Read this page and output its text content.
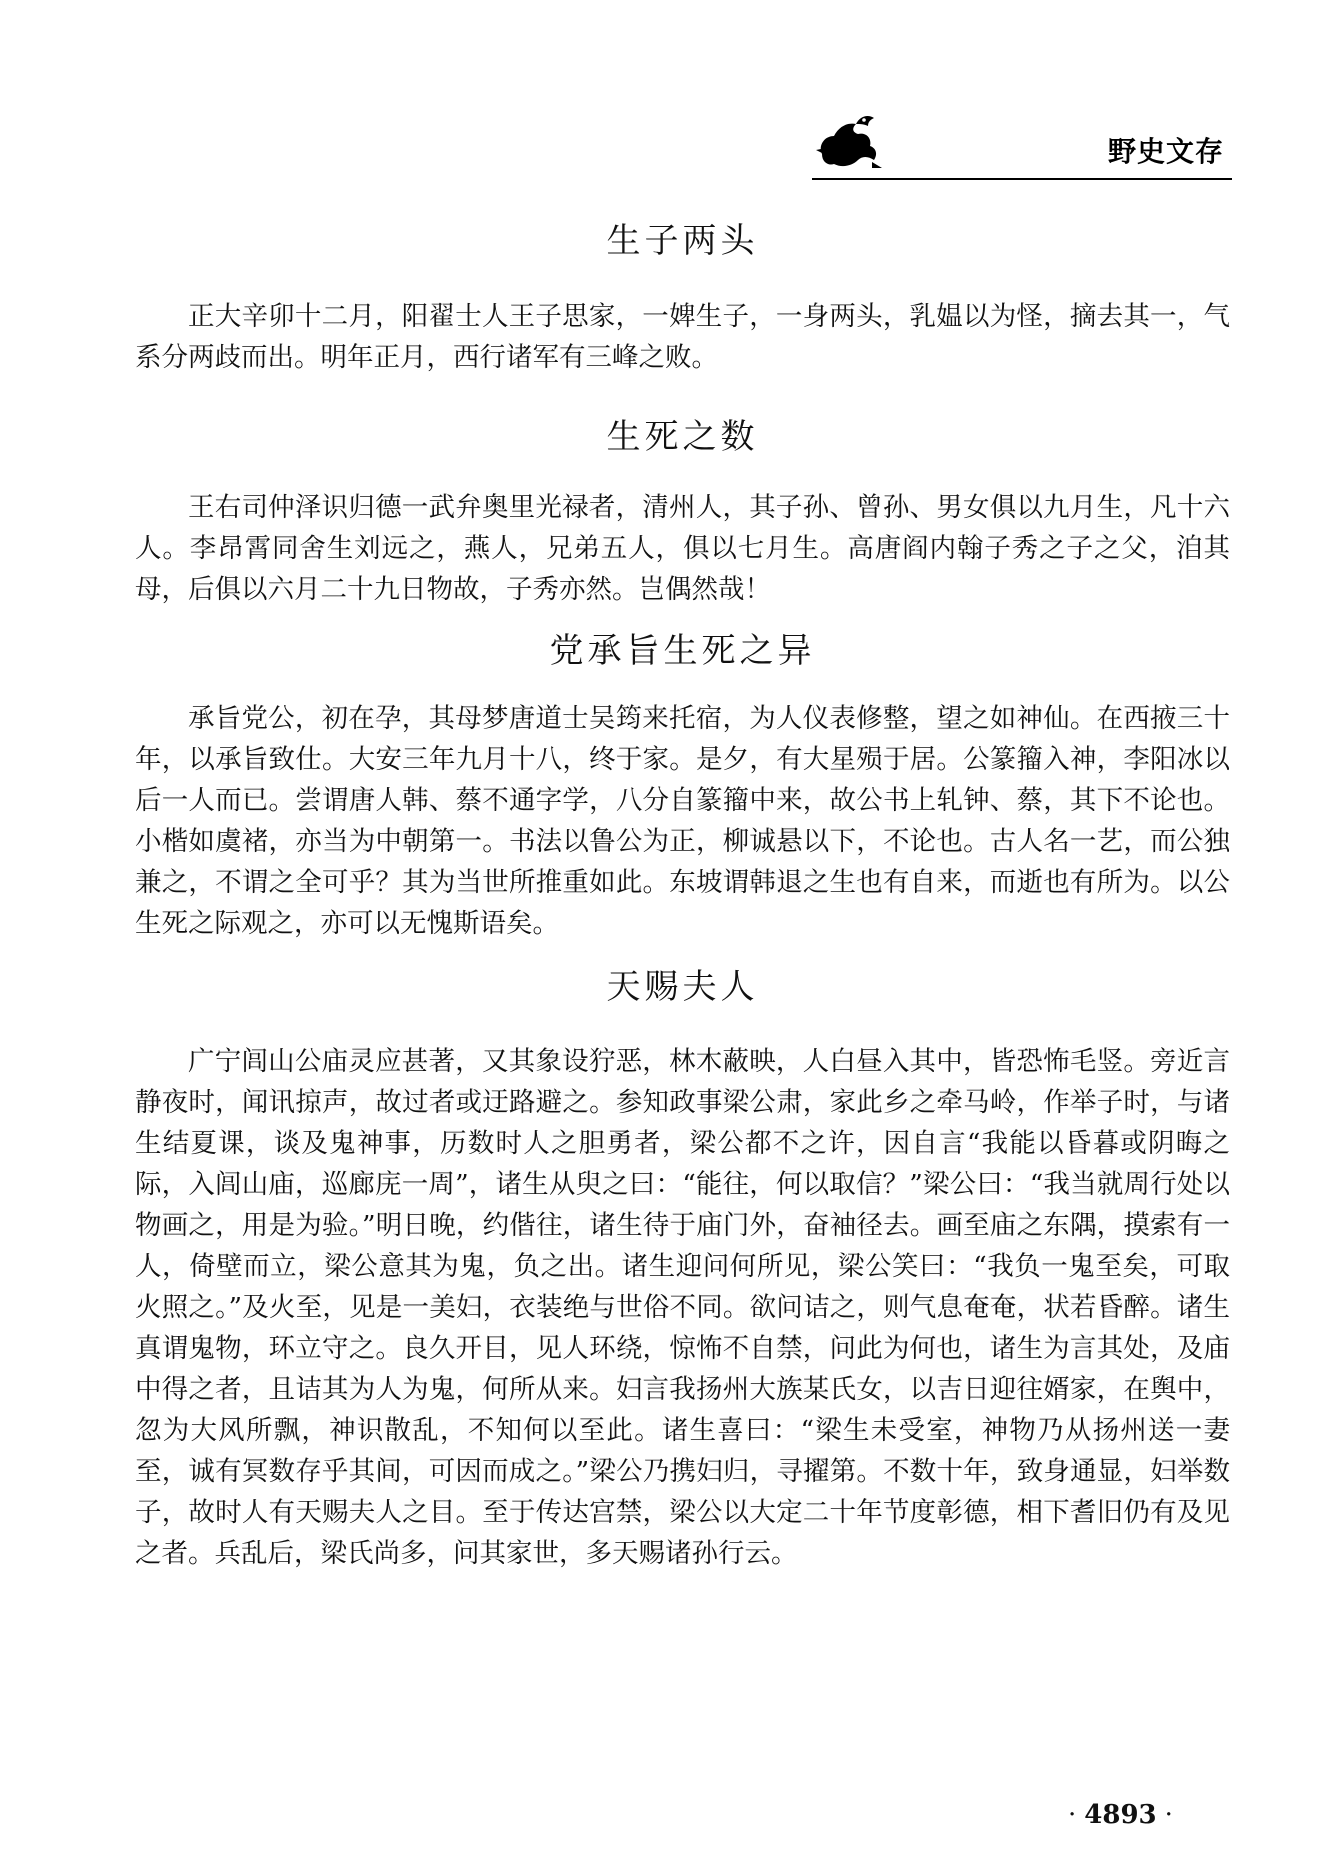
野史文存
生子两头

正大辛卯十二月，阳翟士人王子思家，一婢生子，一身两头，乳媪以为怪，摘去其一，气系分两歧而出。明年正月，西行诸军有三峰之败。

生死之数

王右司仲泽识归德一武弁奥里光禄者，清州人，其子孙、曾孙、男女俱以九月生，凡十六人。李昂霄同舍生刘远之，燕人，兄弟五人，俱以七月生。高唐阎内翰子秀之子之父，洎其母，后俱以六月二十九日物故，子秀亦然。岂偶然哉！

党承旨生死之异

承旨党公，初在孕，其母梦唐道士吴筠来托宿，为人仪表修整，望之如神仙。在西掖三十年，以承旨致仕。大安三年九月十八，终于家。是夕，有大星殒于居。公篆籀入神，李阳冰以后一人而已。尝谓唐人韩、蔡不通字学，八分自篆籀中来，故公书上轧钟、蔡，其下不论也。小楷如虞褚，亦当为中朝第一。书法以鲁公为正，柳诚悬以下，不论也。古人名一艺，而公独兼之，不谓之全可乎？其为当世所推重如此。东坡谓韩退之生也有自来，而逝也有所为。以公生死之际观之，亦可以无愧斯语矣。

天赐夫人

广宁闾山公庙灵应甚著，又其象设狞恶，林木蔽映，人白昼入其中，皆恐怖毛竖。旁近言静夜时，闻讯掠声，故过者或迂路避之。参知政事梁公肃，家此乡之牵马岭，作举子时，与诸生结夏课，谈及鬼神事，历数时人之胆勇者，梁公都不之许，因自言“我能以昏暮或阴晦之际，入闾山庙，巡廊庑一周”，诸生从臾之曰：“能往，何以取信？”梁公曰：“我当就周行处以物画之，用是为验。”明日晚，约偕往，诸生待于庙门外，奋袖径去。画至庙之东隅，摸索有一人，倚壁而立，梁公意其为鬼，负之出。诸生迎问何所见，梁公笑曰：“我负一鬼至矣，可取火照之。”及火至，见是一美妇，衣装绝与世俗不同。欲问诘之，则气息奄奄，状若昏醉。诸生真谓鬼物，环立守之。良久开目，见人环绕，惊怖不自禁，问此为何也，诸生为言其处，及庙中得之者，且诘其为人为鬼，何所从来。妇言我扬州大族某氏女，以吉日迎往婿家，在舆中，忽为大风所飘，神识散乱，不知何以至此。诸生喜曰：“梁生未受室，神物乃从扬州送一妻至，诚有冥数存乎其间，可因而成之。”梁公乃携妇归，寻擢第。不数十年，致身通显，妇举数子，故时人有天赐夫人之目。至于传达宫禁，梁公以大定二十年节度彰德，相下耆旧仍有及见之者。兵乱后，梁氏尚多，问其家世，多天赐诸孙行云。

· 4893 ·
